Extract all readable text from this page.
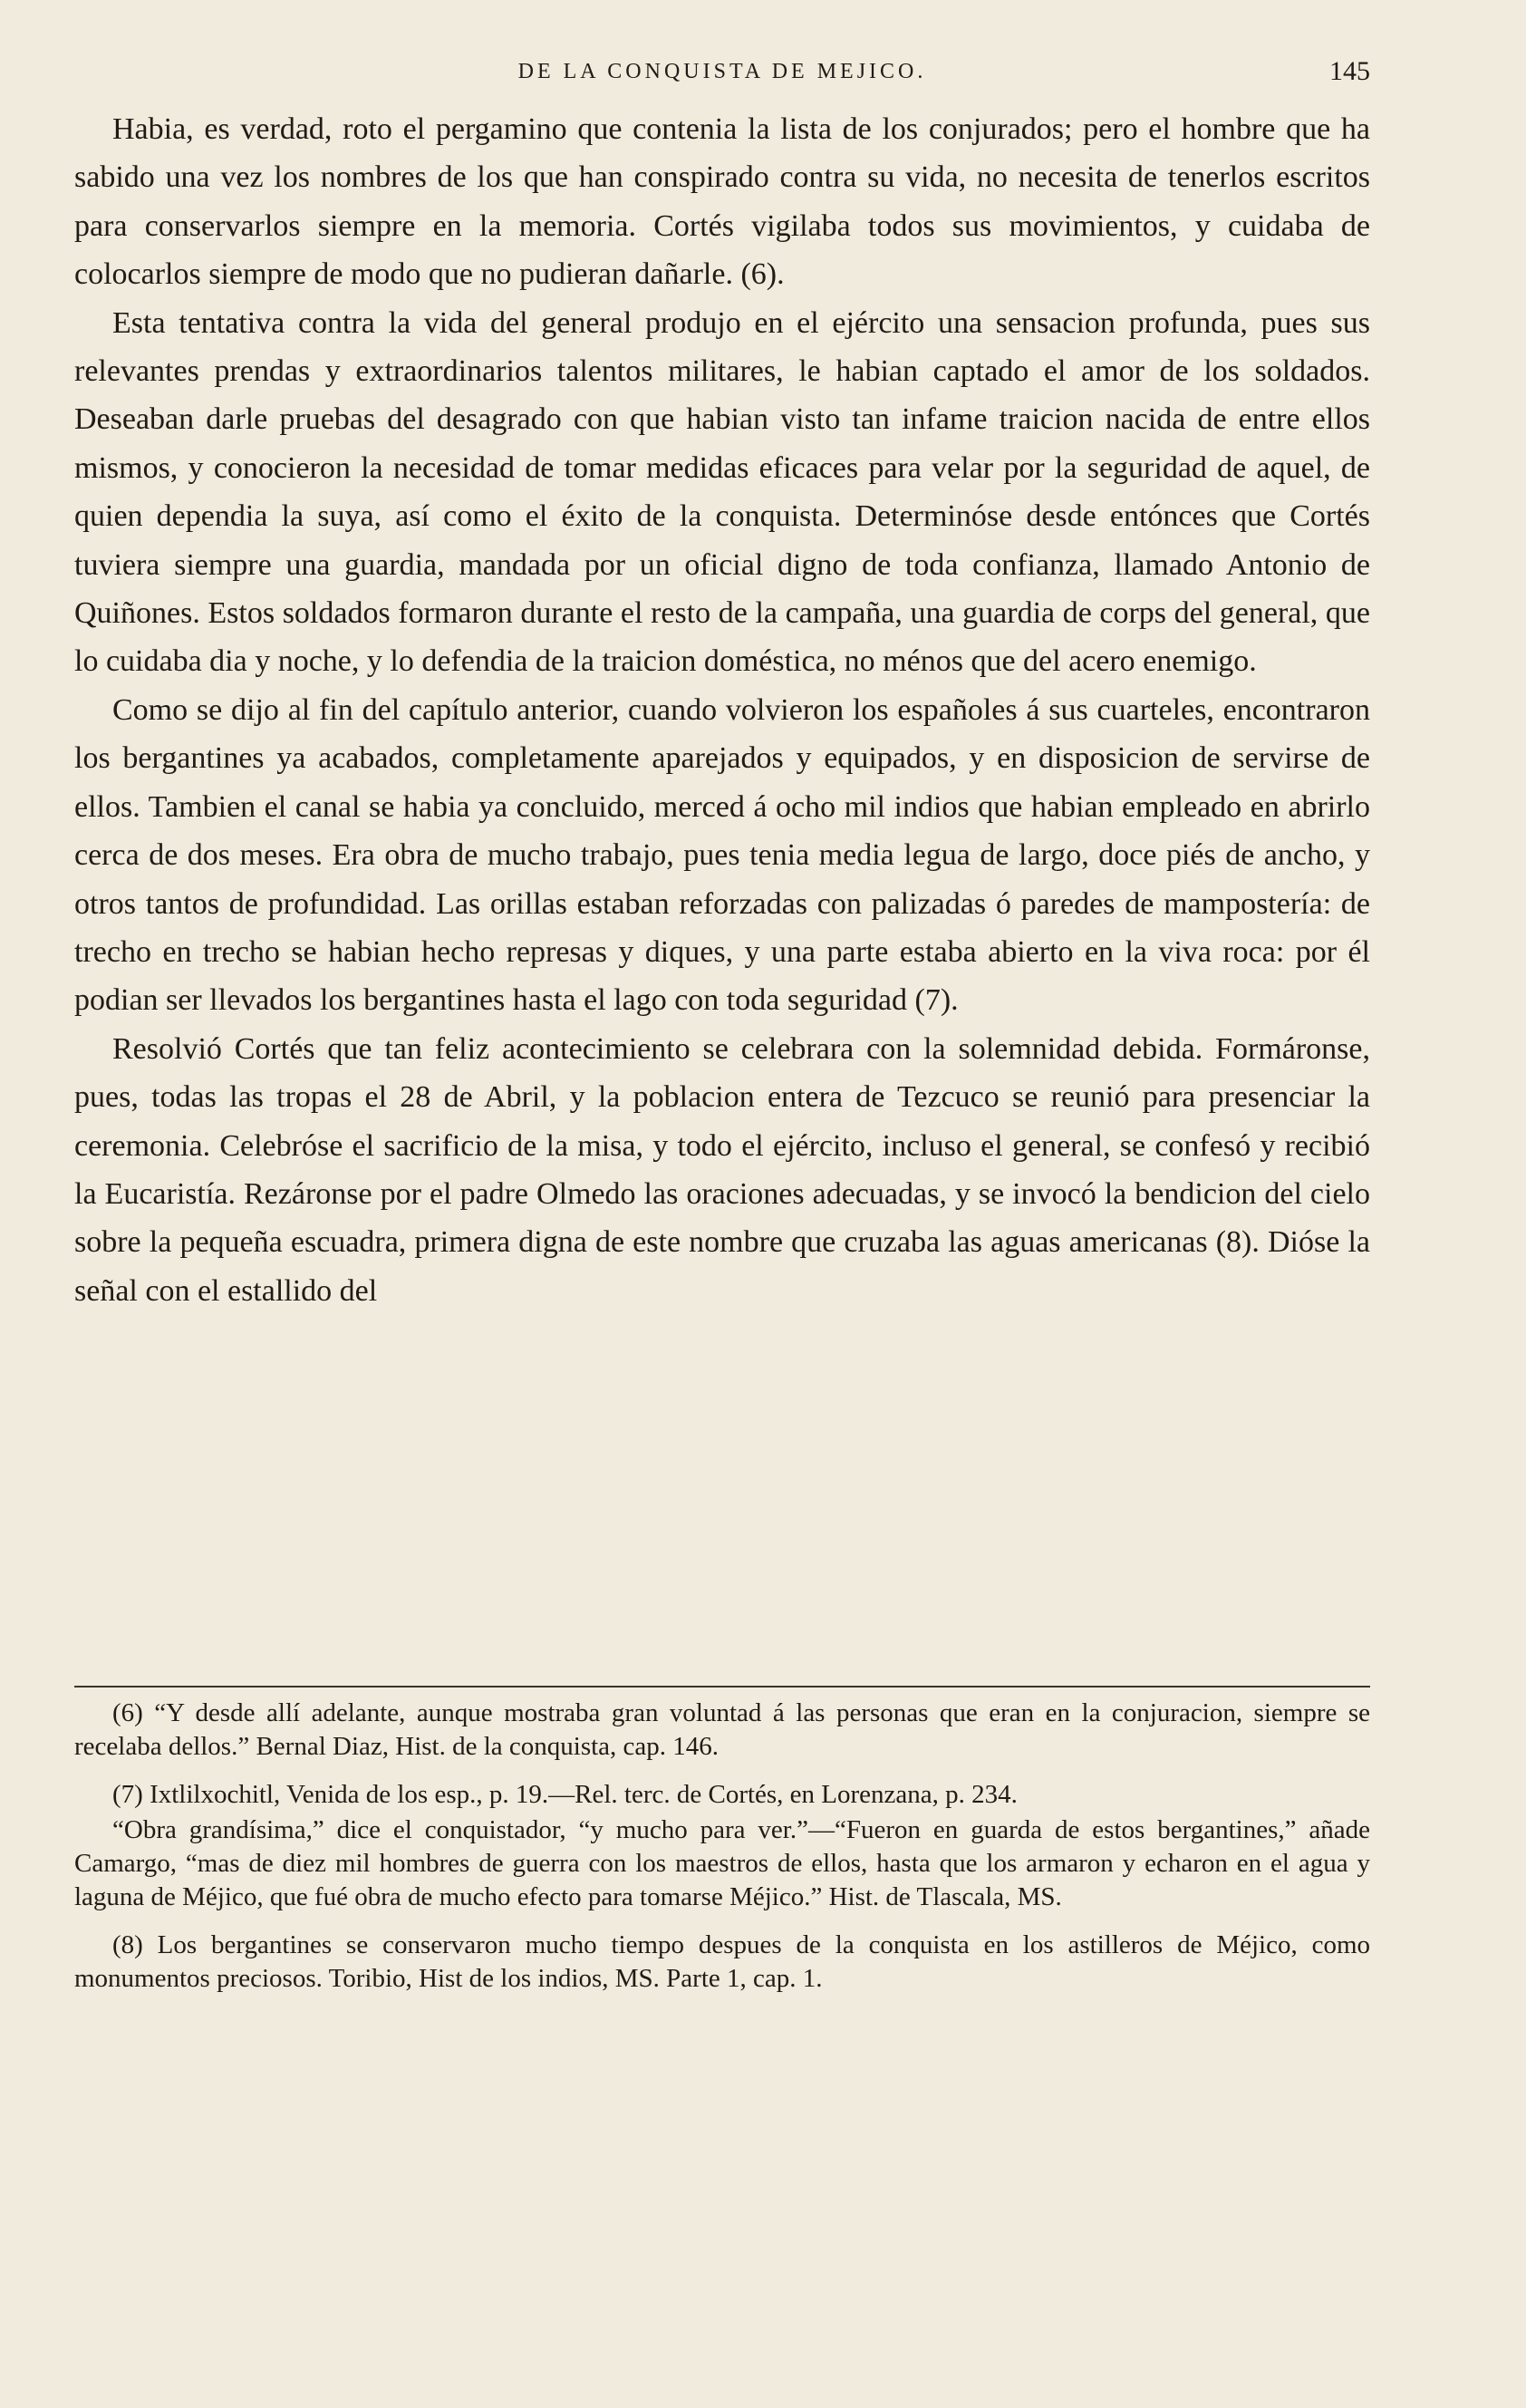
DE LA CONQUISTA DE MEJICO.	145

Habia, es verdad, roto el pergamino que contenia la lista de los conjurados; pero el hombre que ha sabido una vez los nombres de los que han conspirado contra su vida, no necesita de tenerlos escritos para conservarlos siempre en la memoria. Cortés vigilaba todos sus movimientos, y cuidaba de colocarlos siempre de modo que no pudieran dañarle. (6).

Esta tentativa contra la vida del general produjo en el ejército una sensacion profunda, pues sus relevantes prendas y extraordinarios talentos militares, le habian captado el amor de los soldados. Deseaban darle pruebas del desagrado con que habian visto tan infame traicion nacida de entre ellos mismos, y conocieron la necesidad de tomar medidas eficaces para velar por la seguridad de aquel, de quien dependia la suya, así como el éxito de la conquista. Determinóse desde entónces que Cortés tuviera siempre una guardia, mandada por un oficial digno de toda confianza, llamado Antonio de Quiñones. Estos soldados formaron durante el resto de la campaña, una guardia de corps del general, que lo cuidaba dia y noche, y lo defendia de la traicion doméstica, no ménos que del acero enemigo.

Como se dijo al fin del capítulo anterior, cuando volvieron los españoles á sus cuarteles, encontraron los bergantines ya acabados, completamente aparejados y equipados, y en disposicion de servirse de ellos. Tambien el canal se habia ya concluido, merced á ocho mil indios que habian empleado en abrirlo cerca de dos meses. Era obra de mucho trabajo, pues tenia media legua de largo, doce piés de ancho, y otros tantos de profundidad. Las orillas estaban reforzadas con palizadas ó paredes de mampostería: de trecho en trecho se habian hecho represas y diques, y una parte estaba abierto en la viva roca: por él podian ser llevados los bergantines hasta el lago con toda seguridad (7).

Resolvió Cortés que tan feliz acontecimiento se celebrara con la solemnidad debida. Formáronse, pues, todas las tropas el 28 de Abril, y la poblacion entera de Tezcuco se reunió para presenciar la ceremonia. Celebróse el sacrificio de la misa, y todo el ejército, incluso el general, se confesó y recibió la Eucaristía. Rezáronse por el padre Olmedo las oraciones adecuadas, y se invocó la bendicion del cielo sobre la pequeña escuadra, primera digna de este nombre que cruzaba las aguas americanas (8). Dióse la señal con el estallido del

(6) “Y desde allí adelante, aunque mostraba gran voluntad á las personas que eran en la conjuracion, siempre se recelaba dellos.” Bernal Diaz, Hist. de la conquista, cap. 146.

(7) Ixtlilxochitl, Venida de los esp., p. 19.—Rel. terc. de Cortés, en Lorenzana, p. 234.

“Obra grandísima,” dice el conquistador, “y mucho para ver.”—“Fueron en guarda de estos bergantines,” añade Camargo, “mas de diez mil hombres de guerra con los maestros de ellos, hasta que los armaron y echaron en el agua y laguna de Méjico, que fué obra de mucho efecto para tomarse Méjico.” Hist. de Tlascala, MS.

(8) Los bergantines se conservaron mucho tiempo despues de la conquista en los astilleros de Méjico, como monumentos preciosos. Toribio, Hist de los indios, MS. Parte 1, cap. 1.
